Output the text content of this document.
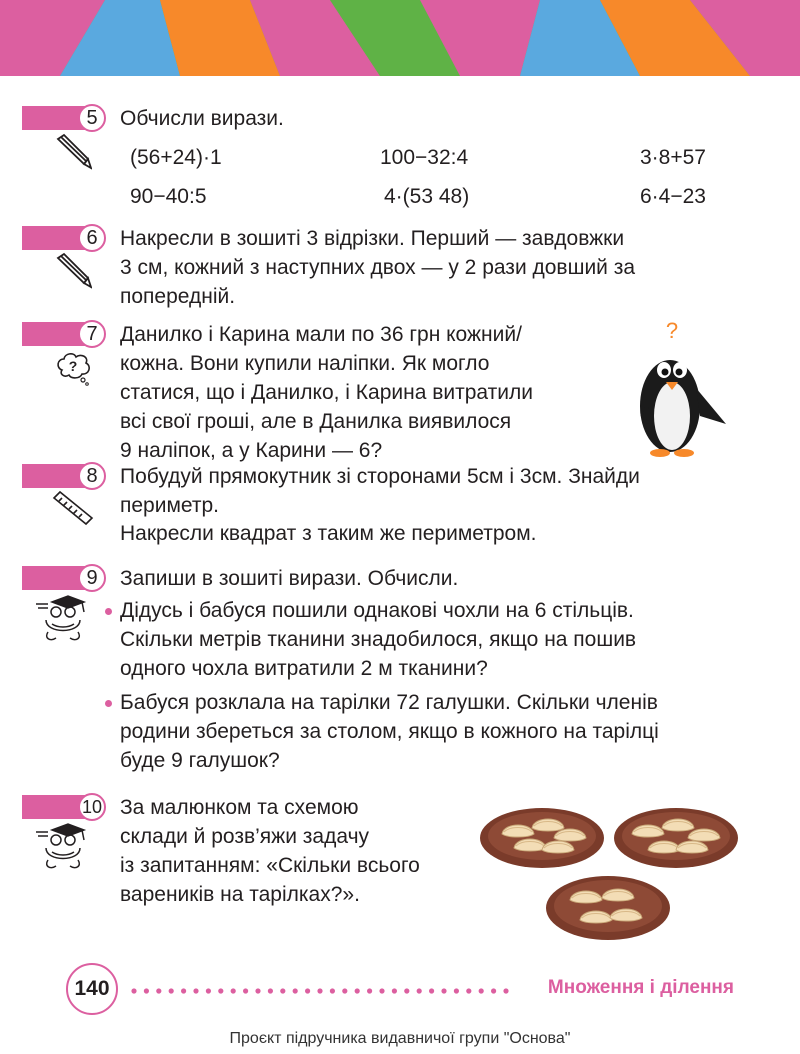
5	Обчисли вирази.
(56+24)·1	100−32:4	3·8+57
90−40:5	4·(53 48)	6·4−23
6	Накресли в зошиті 3 відрізки. Перший — завдовжки
3 см, кожний з наступних двох — у 2 рази довший за
попередній.
7
?
Данилко і Карина мали по 36 грн кожний/
кожна. Вони купили наліпки. Як могло
статися, що і Данилко, і Карина витратили
всі свої гроші, але в Данилка виявилося
9 наліпок, а у Карини — 6?
?
8	Побудуй прямокутник зі сторонами 5см і 3см. Знайди
периметр.
Накресли квадрат з таким же периметром.
9	Запиши в зошиті вирази. Обчисли.
Дідусь і бабуся пошили однакові чохли на 6 стільців.
Скільки метрів тканини знадобилося, якщо на пошив
одного чохла витратили 2 м тканини?
Бабуся розклала на тарілки 72 галушки. Скільки членів
родини збереться за столом, якщо в кожного на тарілці
буде 9 галушок?
10 За малюнком та схемою
склади й розв’яжи задачу
із запитанням: «Скільки всього
вареників на тарілках?».
140	Множення і ділення
Проєкт підручника видавничої групи "Основа"
